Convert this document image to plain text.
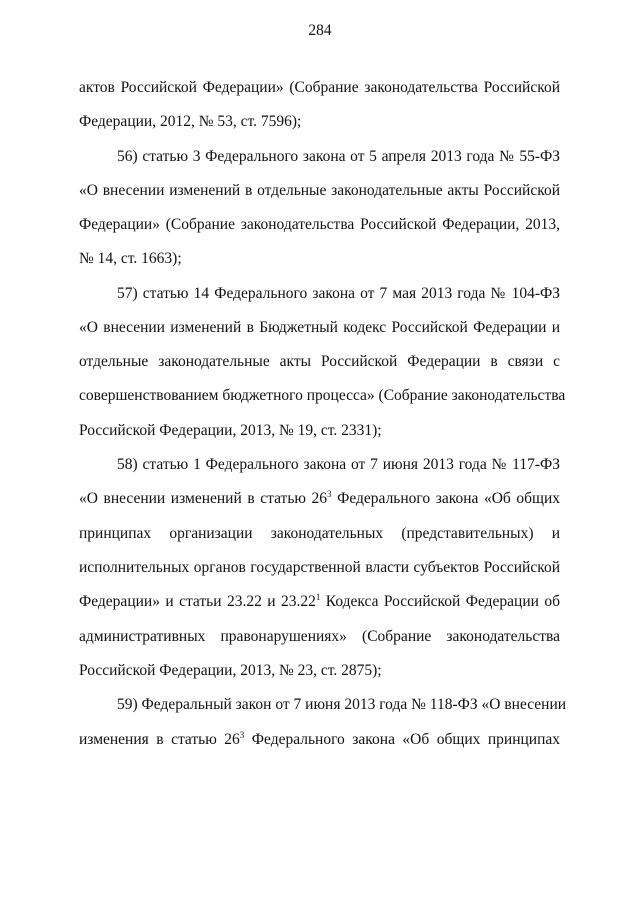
284
актов Российской Федерации» (Собрание законодательства Российской
Федерации, 2012, № 53, ст. 7596);
56) статью 3 Федерального закона от 5 апреля 2013 года № 55-ФЗ
«О внесении изменений в отдельные законодательные акты Российской
Федерации» (Собрание законодательства Российской Федерации, 2013,
№ 14, ст. 1663);
57) статью 14 Федерального закона от 7 мая 2013 года № 104-ФЗ
«О внесении изменений в Бюджетный кодекс Российской Федерации и
отдельные законодательные акты Российской Федерации в связи с
совершенствованием бюджетного процесса» (Собрание законодательства
Российской Федерации, 2013, № 19, ст. 2331);
58) статью 1 Федерального закона от 7 июня 2013 года № 117-ФЗ
«О внесении изменений в статью $26^3$ Федерального закона «Об общих
принципах организации законодательных (представительных) и
исполнительных органов государственной власти субъектов Российской
Федерации» и статьи 23.22 и 23.22$^1$ Кодекса Российской Федерации об
административных правонарушениях» (Собрание законодательства
Российской Федерации, 2013, № 23, ст. 2875);
59) Федеральный закон от 7 июня 2013 года № 118-ФЗ «О внесении
изменения в статью $26^3$ Федерального закона «Об общих принципах
